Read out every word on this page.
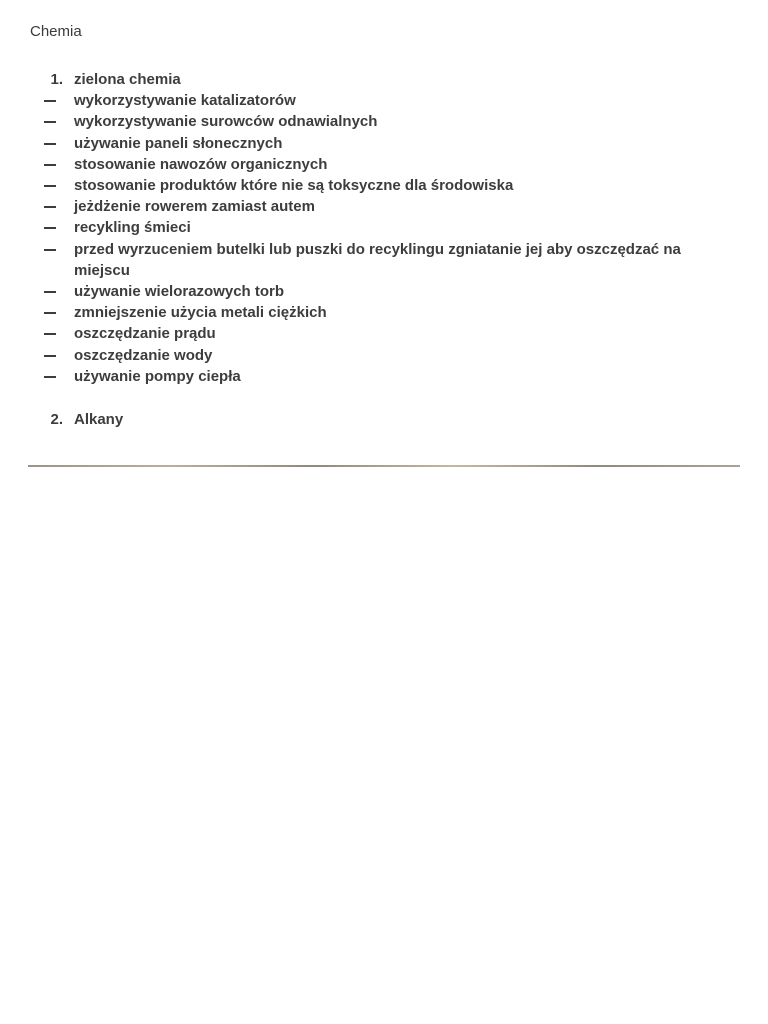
Chemia
1. zielona chemia
wykorzystywanie katalizatorów
wykorzystywanie surowców odnawialnych
używanie paneli słonecznych
stosowanie nawozów organicznych
stosowanie produktów które nie są toksyczne dla środowiska
jeżdżenie rowerem zamiast autem
recykling śmieci
przed wyrzuceniem butelki lub puszki do recyklingu zgniatanie jej aby oszczędzać na miejscu
używanie wielorazowych torb
zmniejszenie użycia metali ciężkich
oszczędzanie prądu
oszczędzanie wody
używanie pompy ciepła
2. Alkany
